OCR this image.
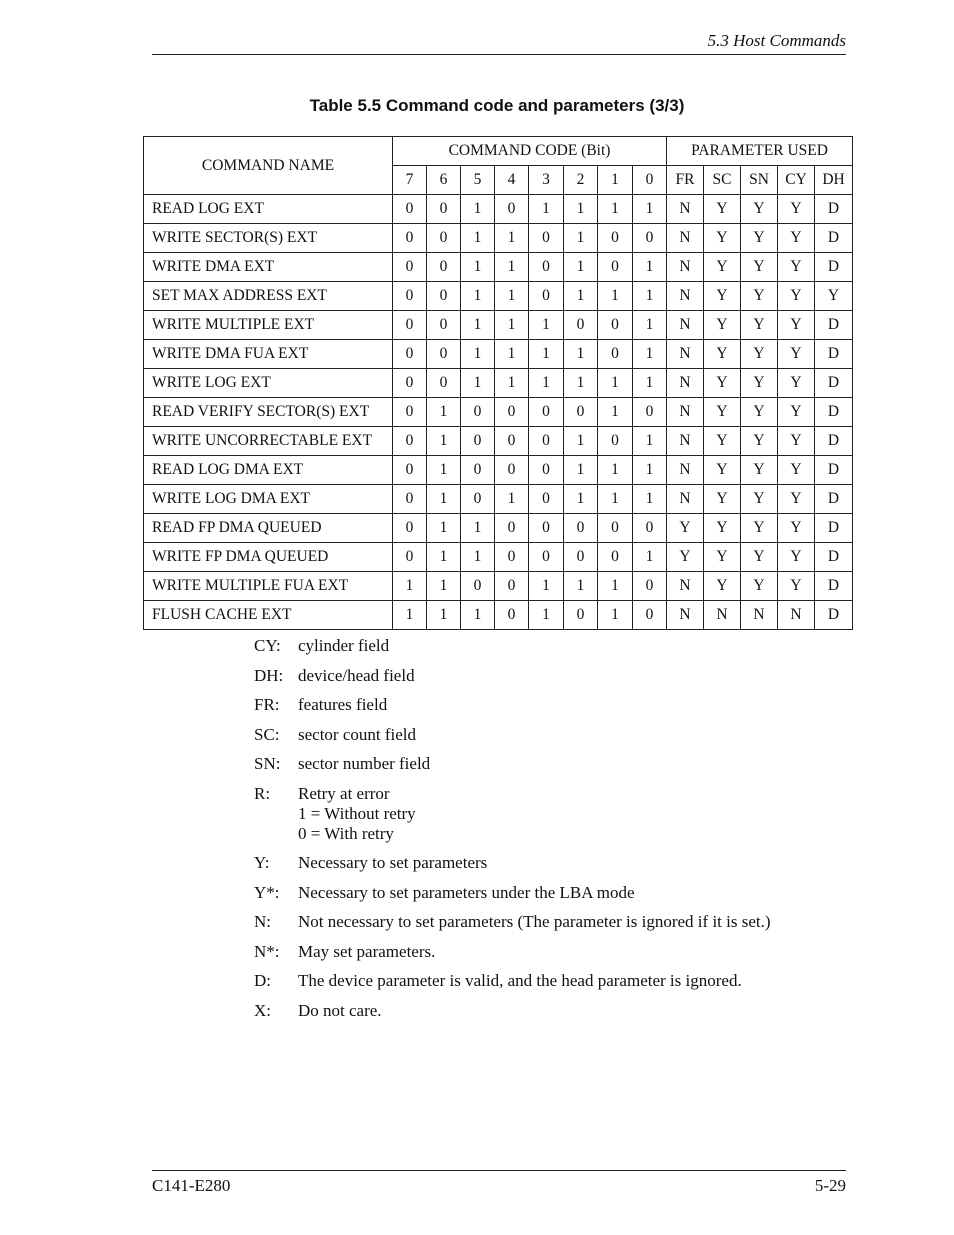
5.3 Host Commands
Table 5.5 Command code and parameters (3/3)
COMMAND NAME	COMMAND CODE (Bit)								PARAMETER USED				
	7	6	5	4	3	2	1	0	FR	SC	SN	CY	DH
READ LOG EXT	0	0	1	0	1	1	1	1	N	Y	Y	Y	D
WRITE SECTOR(S) EXT	0	0	1	1	0	1	0	0	N	Y	Y	Y	D
WRITE DMA EXT	0	0	1	1	0	1	0	1	N	Y	Y	Y	D
SET MAX ADDRESS EXT	0	0	1	1	0	1	1	1	N	Y	Y	Y	Y
WRITE MULTIPLE EXT	0	0	1	1	1	0	0	1	N	Y	Y	Y	D
WRITE DMA FUA EXT	0	0	1	1	1	1	0	1	N	Y	Y	Y	D
WRITE LOG EXT	0	0	1	1	1	1	1	1	N	Y	Y	Y	D
READ VERIFY SECTOR(S) EXT	0	1	0	0	0	0	1	0	N	Y	Y	Y	D
WRITE UNCORRECTABLE EXT	0	1	0	0	0	1	0	1	N	Y	Y	Y	D
READ LOG DMA EXT	0	1	0	0	0	1	1	1	N	Y	Y	Y	D
WRITE LOG DMA EXT	0	1	0	1	0	1	1	1	N	Y	Y	Y	D
READ FP DMA QUEUED	0	1	1	0	0	0	0	0	Y	Y	Y	Y	D
WRITE FP DMA QUEUED	0	1	1	0	0	0	0	1	Y	Y	Y	Y	D
WRITE MULTIPLE FUA EXT	1	1	0	0	1	1	1	0	N	Y	Y	Y	D
FLUSH CACHE EXT	1	1	1	0	1	0	1	0	N	N	N	N	D
CY:	cylinder field
DH: device/head field
FR:	features field
SC:	sector count field
SN:	sector number field
R:	Retry at error
1 = Without retry
0 = With retry
Y:	Necessary to set parameters
Y*:	Necessary to set parameters under the LBA mode
N:	Not necessary to set parameters (The parameter is ignored if it is set.)
N*:	May set parameters.
D:	The device parameter is valid, and the head parameter is ignored.
X:	Do not care.
C141-E280	5-29
